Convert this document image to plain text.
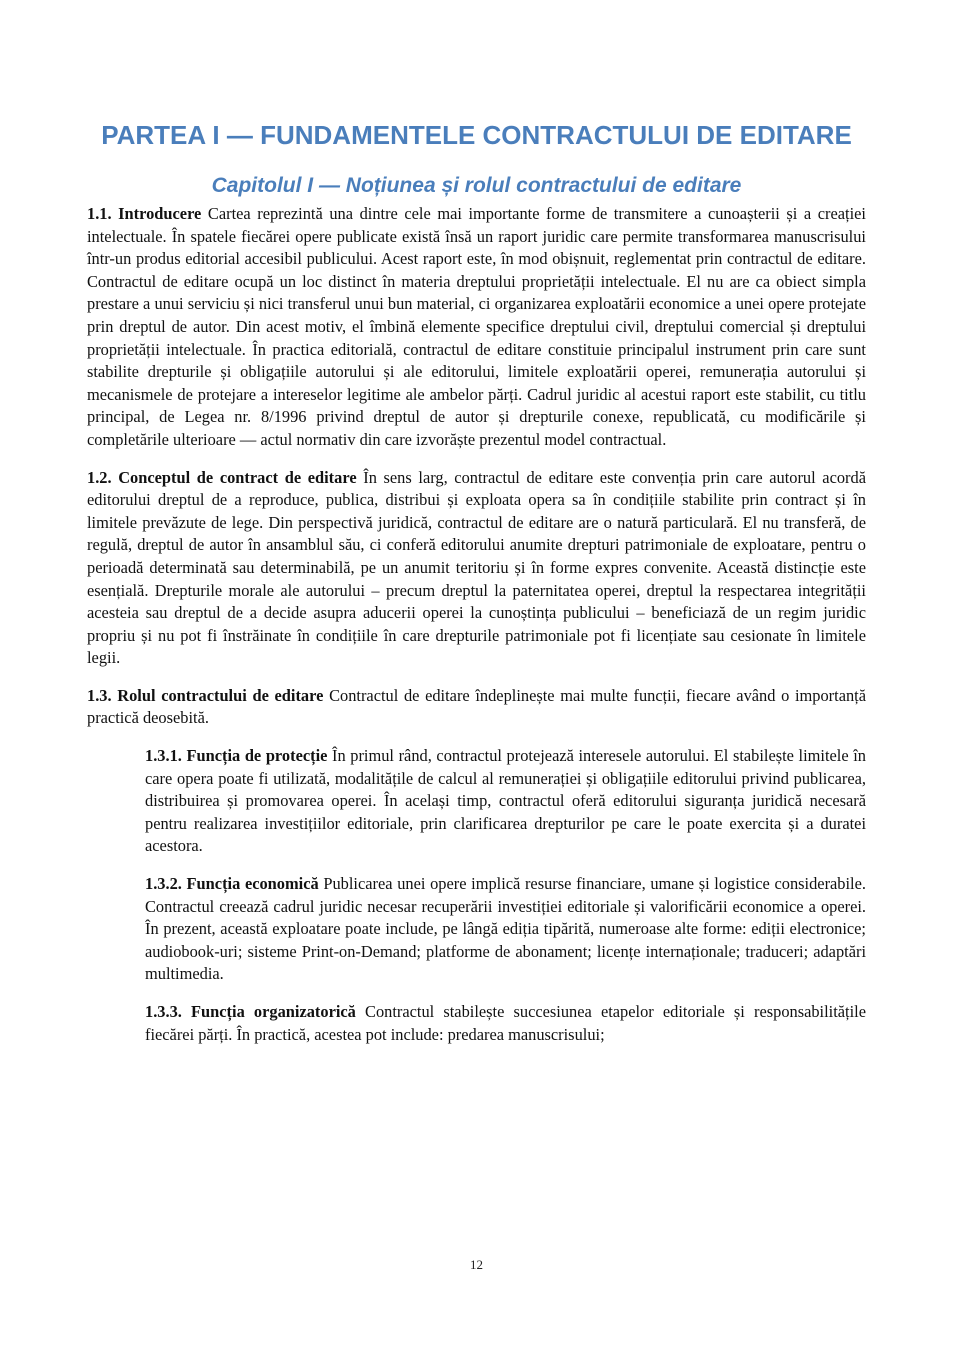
PARTEA I — FUNDAMENTELE CONTRACTULUI DE EDITARE
Capitolul I — Noțiunea și rolul contractului de editare

1.1. Introducere Cartea reprezintă una dintre cele mai importante forme de transmitere a cunoașterii și a creației intelectuale. În spatele fiecărei opere publicate există însă un raport juridic care permite transformarea manuscrisului într-un produs editorial accesibil publicului. Acest raport este, în mod obișnuit, reglementat prin contractul de editare. Contractul de editare ocupă un loc distinct în materia dreptului proprietății intelectuale. El nu are ca obiect simpla prestare a unui serviciu și nici transferul unui bun material, ci organizarea exploatării economice a unei opere protejate prin dreptul de autor. Din acest motiv, el îmbină elemente specifice dreptului civil, dreptului comercial și dreptului proprietății intelectuale. În practica editorială, contractul de editare constituie principalul instrument prin care sunt stabilite drepturile și obligațiile autorului și ale editorului, limitele exploatării operei, remunerația autorului și mecanismele de protejare a intereselor legitime ale ambelor părți. Cadrul juridic al acestui raport este stabilit, cu titlu principal, de Legea nr. 8/1996 privind dreptul de autor și drepturile conexe, republicată, cu modificările și completările ulterioare — actul normativ din care izvorăște prezentul model contractual.

1.2. Conceptul de contract de editare În sens larg, contractul de editare este convenția prin care autorul acordă editorului dreptul de a reproduce, publica, distribui și exploata opera sa în condițiile stabilite prin contract și în limitele prevăzute de lege. Din perspectivă juridică, contractul de editare are o natură particulară. El nu transferă, de regulă, dreptul de autor în ansamblul său, ci conferă editorului anumite drepturi patrimoniale de exploatare, pentru o perioadă determinată sau determinabilă, pe un anumit teritoriu și în forme expres convenite. Această distincție este esențială. Drepturile morale ale autorului – precum dreptul la paternitatea operei, dreptul la respectarea integrității acesteia sau dreptul de a decide asupra aducerii operei la cunoștința publicului – beneficiază de un regim juridic propriu și nu pot fi înstrăinate în condițiile în care drepturile patrimoniale pot fi licențiate sau cesionate în limitele legii.

1.3. Rolul contractului de editare Contractul de editare îndeplinește mai multe funcții, fiecare având o importanță practică deosebită.

1.3.1. Funcția de protecție În primul rând, contractul protejează interesele autorului. El stabilește limitele în care opera poate fi utilizată, modalitățile de calcul al remunerației și obligațiile editorului privind publicarea, distribuirea și promovarea operei. În același timp, contractul oferă editorului siguranța juridică necesară pentru realizarea investițiilor editoriale, prin clarificarea drepturilor pe care le poate exercita și a duratei acestora.

1.3.2. Funcția economică Publicarea unei opere implică resurse financiare, umane și logistice considerabile. Contractul creează cadrul juridic necesar recuperării investiției editoriale și valorificării economice a operei. În prezent, această exploatare poate include, pe lângă ediția tipărită, numeroase alte forme: ediții electronice; audiobook-uri; sisteme Print-on-Demand; platforme de abonament; licențe internaționale; traduceri; adaptări multimedia.

1.3.3. Funcția organizatorică Contractul stabilește succesiunea etapelor editoriale și responsabilitățile fiecărei părți. În practică, acestea pot include: predarea manuscrisului;

12
